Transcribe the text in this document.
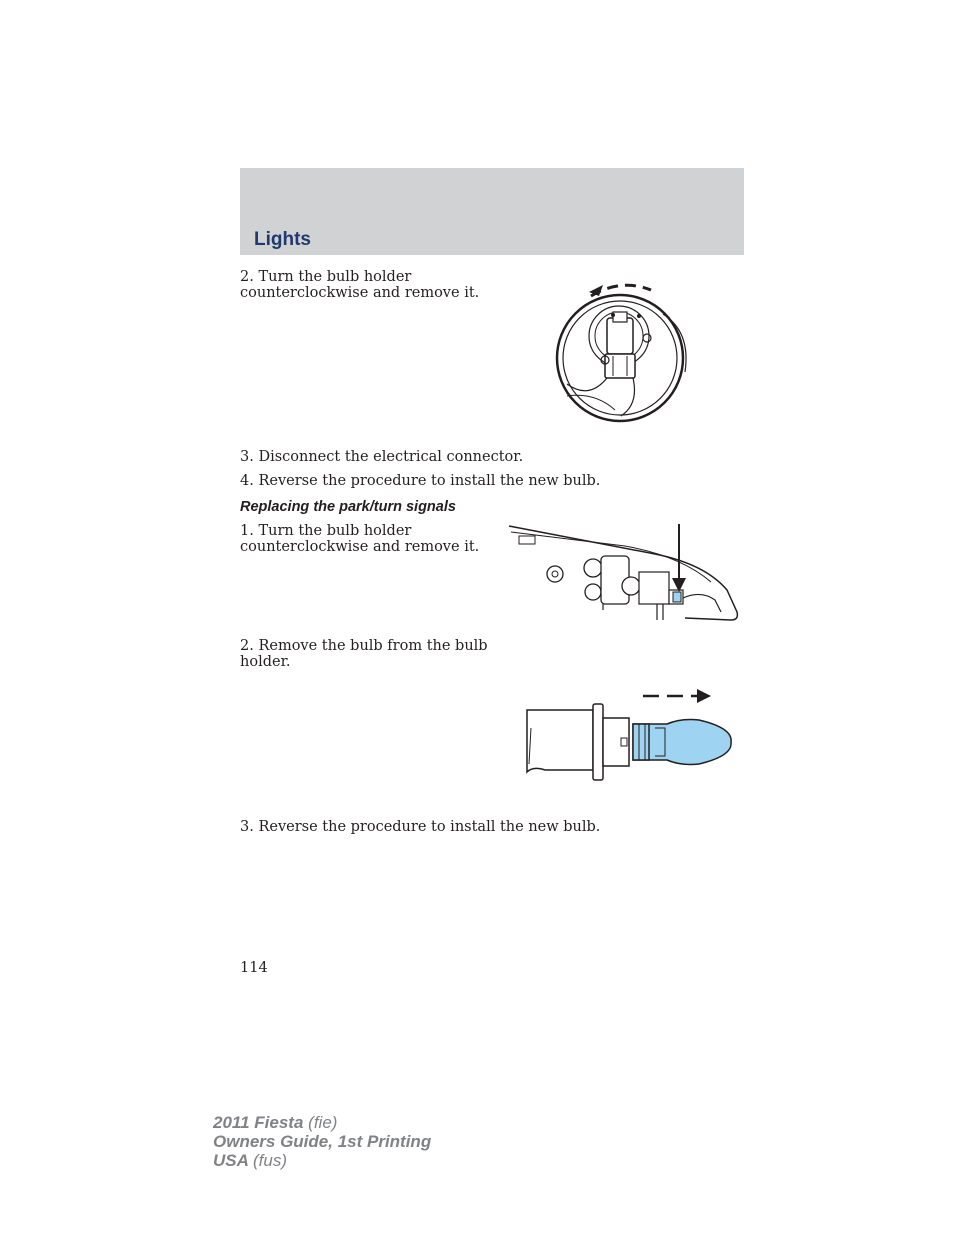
Lights
2. Turn the bulb holder counterclockwise and remove it.
3. Disconnect the electrical connector.
4. Reverse the procedure to install the new bulb.
Replacing the park/turn signals
1. Turn the bulb holder counterclockwise and remove it.
2. Remove the bulb from the bulb holder.
3. Reverse the procedure to install the new bulb.
114
2011 Fiesta (fie)
Owners Guide, 1st Printing
USA (fus)
